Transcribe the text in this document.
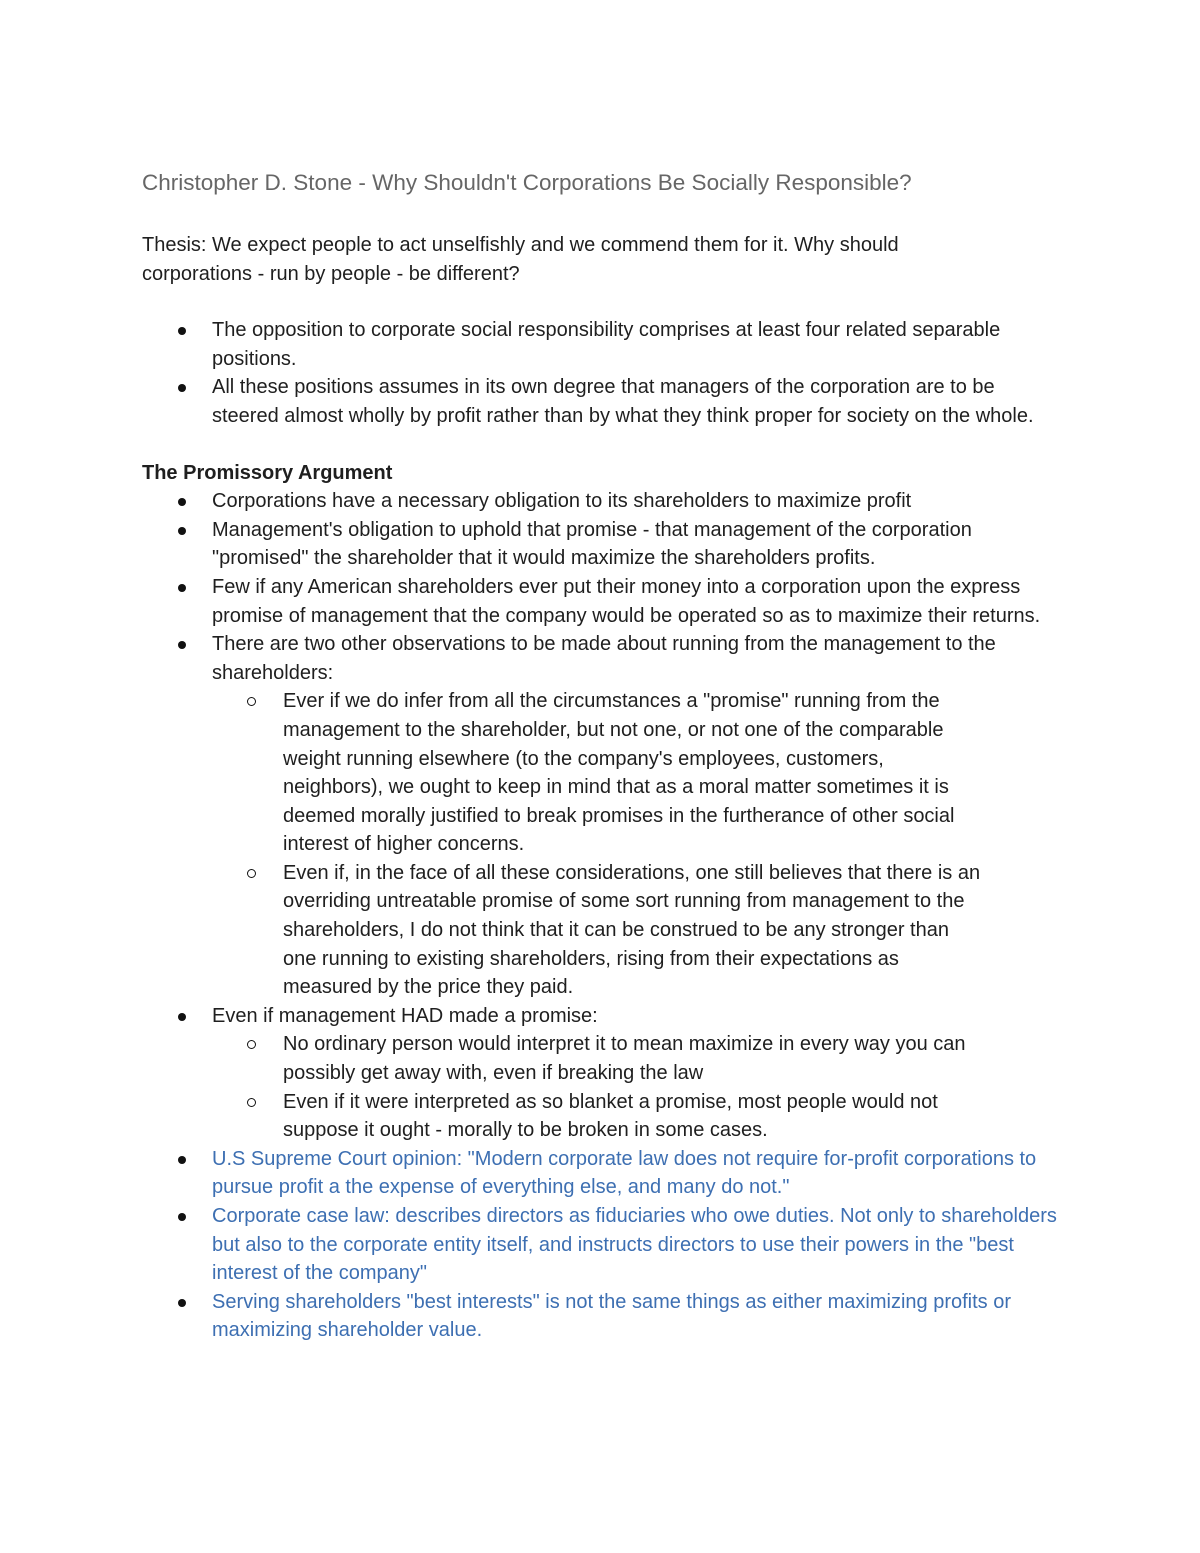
Christopher D. Stone - Why Shouldn't Corporations Be Socially Responsible?

Thesis: We expect people to act unselfishly and we commend them for it. Why should corporations - run by people - be different?

The opposition to corporate social responsibility comprises at least four related separable positions.
All these positions assumes in its own degree that managers of the corporation are to be steered almost wholly by profit rather than by what they think proper for society on the whole.

The Promissory Argument

Corporations have a necessary obligation to its shareholders to maximize profit
Management's obligation to uphold that promise - that management of the corporation "promised" the shareholder that it would maximize the shareholders profits.
Few if any American shareholders ever put their money into a corporation upon the express promise of management that the company would be operated so as to maximize their returns.
There are two other observations to be made about running from the management to the shareholders:
Ever if we do infer from all the circumstances a "promise" running from the management to the shareholder, but not one, or not one of the comparable weight running elsewhere (to the company's employees, customers, neighbors), we ought to keep in mind that as a moral matter sometimes it is deemed morally justified to break promises in the furtherance of other social interest of higher concerns.
Even if, in the face of all these considerations, one still believes that there is an overriding untreatable promise of some sort running from management to the shareholders, I do not think that it can be construed to be any stronger than one running to existing shareholders, rising from their expectations as measured by the price they paid.
Even if management HAD made a promise:
No ordinary person would interpret it to mean maximize in every way you can possibly get away with, even if breaking the law
Even if it were interpreted as so blanket a promise, most people would not suppose it ought - morally to be broken in some cases.
U.S Supreme Court opinion: "Modern corporate law does not require for-profit corporations to pursue profit a the expense of everything else, and many do not."
Corporate case law: describes directors as fiduciaries who owe duties. Not only to shareholders but also to the corporate entity itself, and instructs directors to use their powers in the "best interest of the company"
Serving shareholders "best interests" is not the same things as either maximizing profits or maximizing shareholder value.
